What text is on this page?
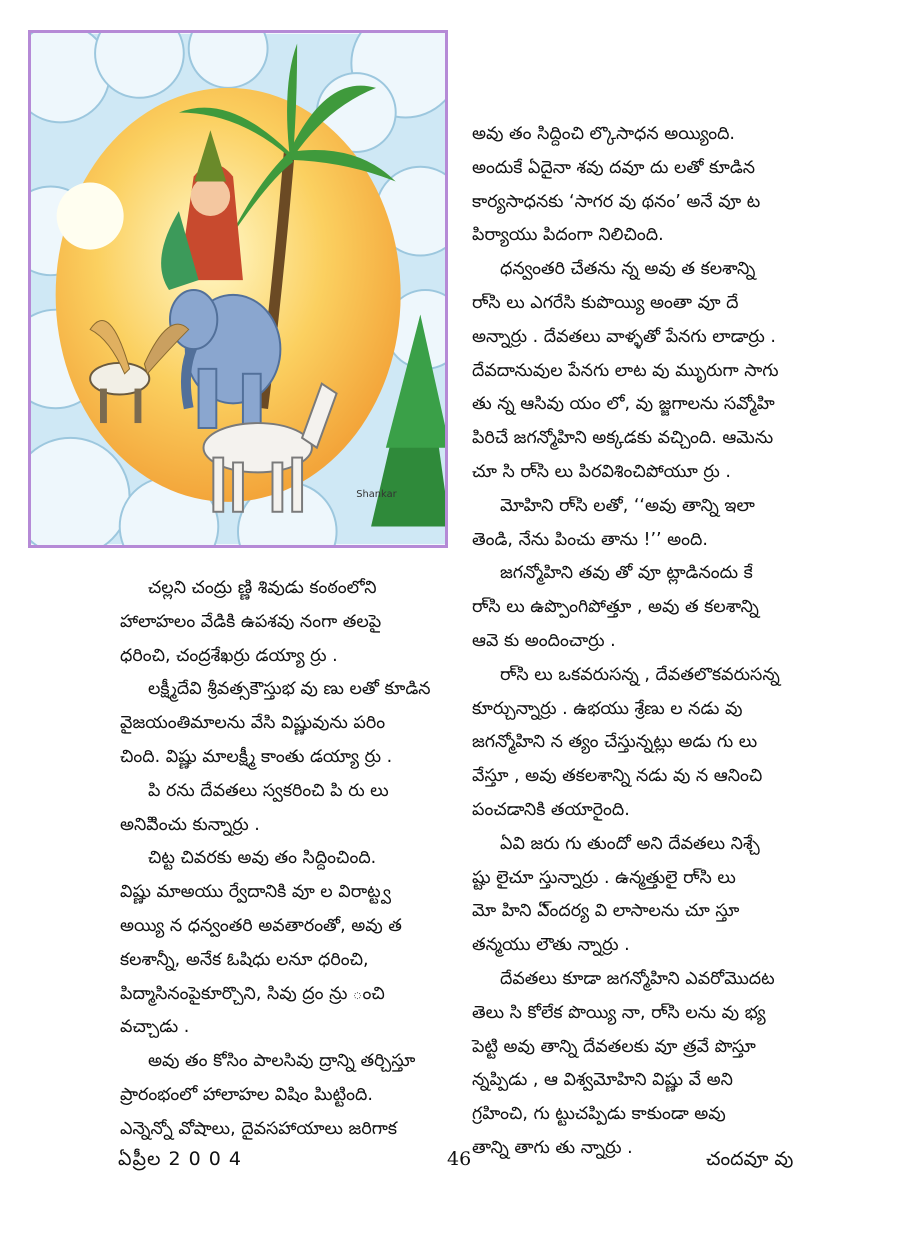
Shankar

అవు తం సిద్దించి ల్కొసాధన అయ్యింది.

అందుకే ఏదైనా శవు దవూ దు లతో కూడిన

కార్యసాధనకు ‘సాగర వు థనం’ అనే వూ ట

పిర్యాయు పిదంగా నిలిచింది.

ధన్వంతరి చేతను న్న అవు త కలశాన్ని

రా్సి లు ఎగరేసి కుపొయ్యి అంతా వూ దే

అన్నార్రు . దేవతలు వాళ్ళతో పేనగు లాడార్రు .

దేవదానువుల పేనగు లాట వు ముృరుగా సాగు

తు న్న ఆసివు యం లో, వు జ్జగాలను సవ్మోహి

పిరిచే జగన్మోహిని అక్కడకు వచ్చింది. ఆమెను

చూ సి రా్సి లు పిరవిశించిపోయూ ర్రు .

మోహిని రా్సి లతో, ‘‘అవు తాన్ని ఇలా

తెండి, నేను పించు తాను !’’ అంది.

జగన్మోహిని తవు తో వూ ట్లాడినందు కే

రా్సి లు ఉప్పొంగిపోత్తూ , అవు త కలశాన్ని

ఆవె కు అందించార్రు .

రా్సి లు ఒకవరుసన్న , దేవతలొకవరుసన్న

కూర్చున్నార్రు . ఉభయు శ్రేణు ల నడు వు

జగన్మోహిని న త్యం చేస్తున్నట్లు అడు గు లు

వేస్తూ , అవు తకలశాన్ని నడు వు న ఆనించి

పంచడానికి తయారైంది.

ఏవి జరు గు తుందో అని దేవతలు నిశ్చే

ష్టు లైచూ స్తున్నార్రు . ఉన్మత్తులై రా్సి లు

వెూ హిని ఏ్ందర్య వి లాసాలను చూ స్తూ

తన్మయు లౌతు న్నార్రు .

దేవతలు కూడా జగన్మోహిని ఎవరోమొదట

తెలు సి కోలేక పొయ్యి నా, రా్సి లను వు భ్య

పెట్టి అవు తాన్ని దేవతలకు వూ త్రవే పొస్తూ

న్నప్పిడు , ఆ విశ్వమోహిని విష్ణు వే అని

గ్రహించి, గు ట్టుచప్పిడు కాకుండా అవు

తాన్ని తాగు తు న్నార్రు .

చల్లని చంద్రు ణ్ణి శివుడు కంఠంలోని

హాలాహలం వేడికి ఉపశవు నంగా తలపై

ధరించి, చంద్రశేఖర్రు డయ్యా ర్రు .

లక్ష్మీదేవి శ్రీవత్సకౌస్తుభ వు ణు లతో కూడిన

వైజయంతిమాలను వేసి విష్ణువును పరిం

చింది. విష్ణు మాలక్ష్మీ కాంతు డయ్యా ర్రు .

పి రను దేవతలు స్వకరించి పి రు లు

అనిపిించు కున్నార్రు .

చిట్ట చివరకు అవు తం సిద్దించింది.

విష్ణు మాఅయు ర్వేదానికి వూ ల విరాట్ట్వ

అయ్యి న ధన్వంతరి అవతారంతో, అవు త

కలశాన్నీ, అనేక ఓషిధు లనూ ధరించి,

పిద్మాసినంపైకూర్చొని, సివు ద్రం న్రు ంచి

వచ్చాడు .

అవు తం కోసిం పాలసివు ద్రాన్ని తర్చిస్తూ

ప్రారంభంలో హాలాహల విషిం పిుట్టింది.

ఎన్నెన్నో వోషాలు, దైవసహాయాలు జరిగాక

ఏప్రీల 2 0 0 4	46	చందవూ వు
